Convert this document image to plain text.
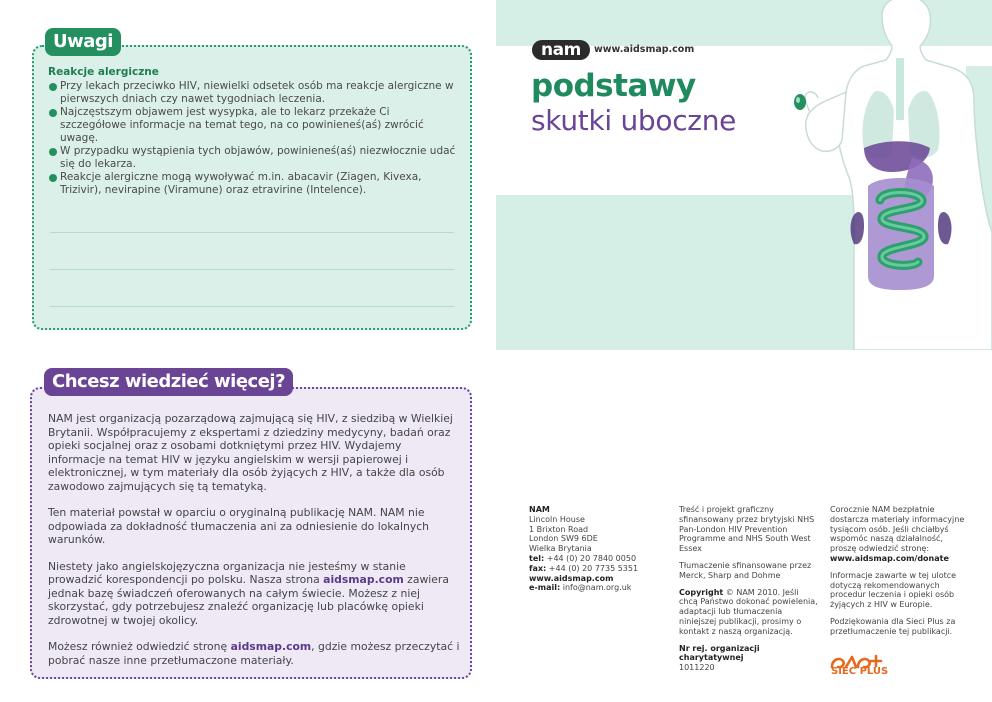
Uwagi
Reakcje alergiczne
Przy lekach przeciwko HIV, niewielki odsetek osób ma reakcje alergiczne w pierwszych dniach czy nawet tygodniach leczenia.
Najczęstszym objawem jest wysypka, ale to lekarz przekaże Ci szczegółowe informacje na temat tego, na co powinieneś(aś) zwrócić uwagę.
W przypadku wystąpienia tych objawów, powinieneś(aś) niezwłocznie udać się do lekarza.
Reakcje alergiczne mogą wywoływać m.in. abacavir (Ziagen, Kivexa, Trizivir), nevirapine (Viramune) oraz etravirine (Intelence).
Chcesz wiedzieć więcej?

NAM jest organizacją pozarządową zajmującą się HIV, z siedzibą w Wielkiej Brytanii. Współpracujemy z ekspertami z dziedziny medycyny, badań oraz opieki socjalnej oraz z osobami dotkniętymi przez HIV. Wydajemy informacje na temat HIV w języku angielskim w wersji papierowej i elektronicznej, w tym materiały dla osób żyjących z HIV, a także dla osób zawodowo zajmujących się tą tematyką.

Ten materiał powstał w oparciu o oryginalną publikację NAM. NAM nie odpowiada za dokładność tłumaczenia ani za odniesienie do lokalnych warunków.

Niestety jako angielskojęzyczna organizacja nie jesteśmy w stanie prowadzić korespondencji po polsku. Nasza strona aidsmap.com zawiera jednak bazę świadczeń oferowanych na całym świecie. Możesz z niej skorzystać, gdy potrzebujesz znaleźć organizację lub placówkę opieki zdrowotnej w twojej okolicy.

Możesz również odwiedzić stronę aidsmap.com, gdzie możesz przeczytać i pobrać nasze inne przetłumaczone materiały.

nam	www.aidsmap.com
podstawy
skutki uboczne
NAM
Lincoln House
1 Brixton Road
London SW9 6DE
Wielka Brytania
tel: +44 (0) 20 7840 0050
fax: +44 (0) 20 7735 5351
www.aidsmap.com
e-mail: info@nam.org.uk
Treść i projekt graficzny sfinansowany przez brytyjski NHS Pan-London HIV Prevention Programme and NHS South West Essex
Tłumaczenie sfinansowane przez Merck, Sharp and Dohme
Copyright © NAM 2010. Jeśli chcą Państwo dokonać powielenia, adaptacji lub tłumaczenia niniejszej publikacji, prosimy o kontakt z naszą organizacją.
Nr rej. organizacji charytatywnej
1011220
Corocznie NAM bezpłatnie dostarcza materiały informacyjne tysiącom osób. Jeśli chciałbyś wspomóc naszą działalność, proszę odwiedzić stronę: www.aidsmap.com/donate
Informacje zawarte w tej ulotce dotyczą rekomendowanych procedur leczenia i opieki osób żyjących z HIV w Europie.
Podziękowania dla Sieci Plus za przetłumaczenie tej publikacji.
SIEC PLUS
